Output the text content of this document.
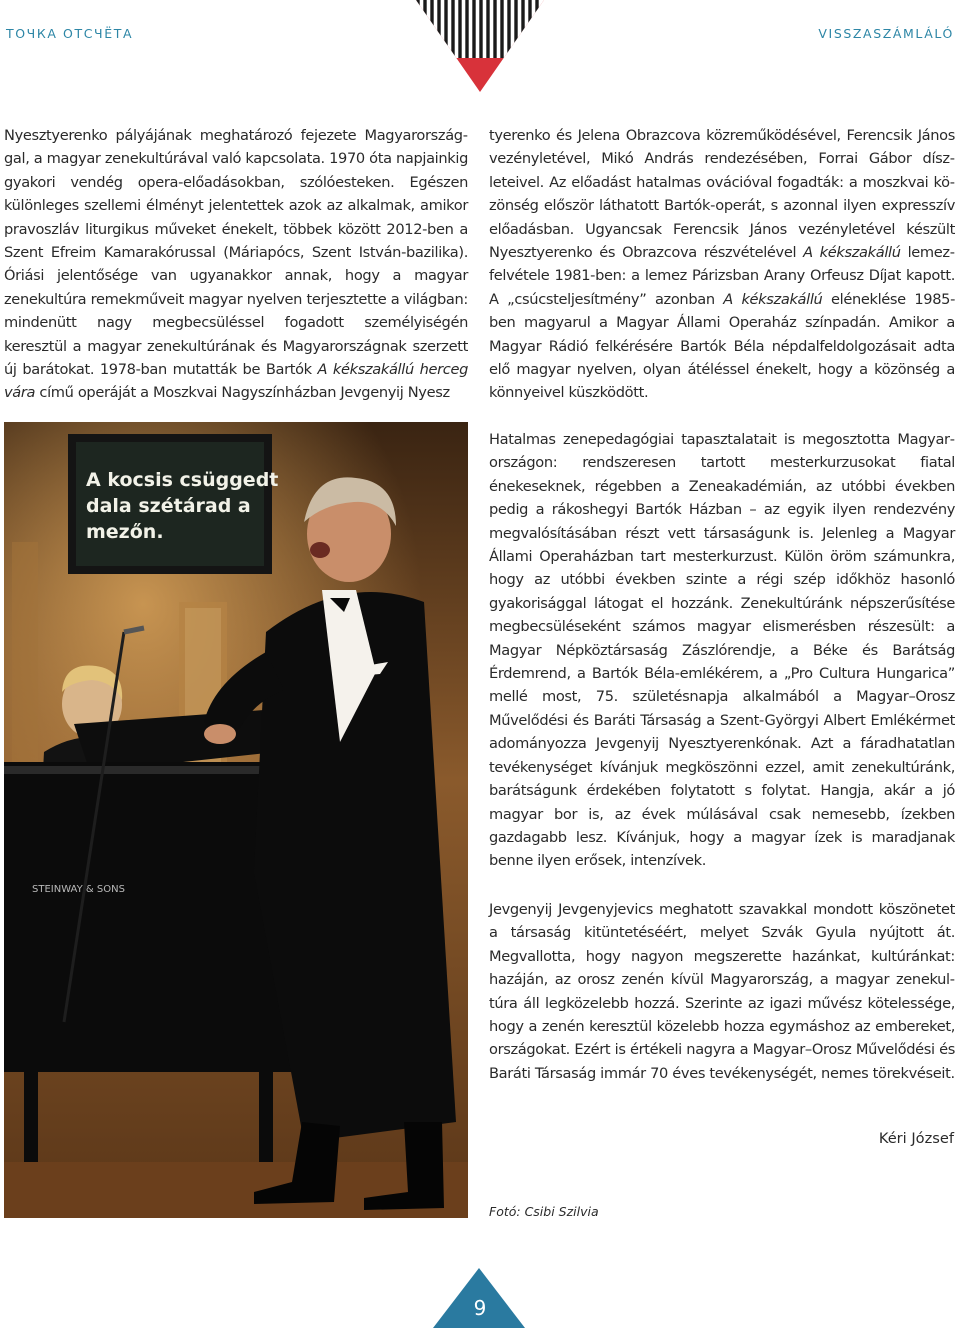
ТОЧКА ОТСЧЁТА	VISSZASZÁMLÁLÓ

Nyesztyerenko pályájának meghatározó fejezete Magyarországgal, a magyar zenekultúrával való kapcsolata. 1970 óta napjainkig gyakori vendég opera-előadásokban, szólóesteken. Egészen különleges szellemi élményt jelentettek azok az alkalmak, amikor pravoszláv liturgikus műveket énekelt, többek között 2012-ben a Szent Efreim Kamarakórussal (Máriapócs, Szent István-bazilika). Óriási jelentősége van ugyanakkor annak, hogy a magyar zenekultúra remekműveit magyar nyelven terjesztette a világban: mindenütt nagy megbecsüléssel fogadott személyiségén keresztül a magyar zenekultúrának és Magyarországnak szerzett új barátokat. 1978-ban mutatták be Bartók A kékszakállú herceg vára című operáját a Moszkvai Nagyszínházban Jevgenyij Nyesz

tyerenko és Jelena Obrazcova közreműködésével, Ferencsik János vezényletével, Mikó András rendezésében, Forrai Gábor díszleteivel. Az előadást hatalmas ovációval fogadták: a moszkvai közönség először láthatott Bartók-operát, s azonnal ilyen expresszív előadásban. Ugyancsak Ferencsik János vezényletével készült Nyesztyerenko és Obrazcova részvételével A kékszakállú lemezfelvétele 1981-ben: a lemez Párizsban Arany Orfeusz Díjat kapott. A „csúcsteljesítmény” azonban A kékszakállú eléneklése 1985-ben magyarul a Magyar Állami Operaház színpadán. Amikor a Magyar Rádió felkérésére Bartók Béla népdalfeldolgozásait adta elő magyar nyelven, olyan átéléssel énekelt, hogy a közönség a könnyeivel küszködött.

Hatalmas zenepedagógiai tapasztalatait is megosztotta Magyarországon: rendszeresen tartott mesterkurzusokat fiatal énekeseknek, régebben a Zeneakadémián, az utóbbi években pedig a rákoshegyi Bartók Házban – az egyik ilyen rendezvény megvalósításában részt vett társaságunk is. Jelenleg a Magyar Állami Operaházban tart mesterkurzust. Külön öröm számunkra, hogy az utóbbi években szinte a régi szép időkhöz hasonló gyakorisággal látogat el hozzánk. Zenekultúránk népszerűsítése megbecsüléseként számos magyar elismerésben részesült: a Magyar Népköztársaság Zászlórendje, a Béke és Barátság Érdemrend, a Bartók Béla-emlékérem, a „Pro Cultura Hungarica” mellé most, 75. születésnapja alkalmából a Magyar–Orosz Művelődési és Baráti Társaság a Szent-Györgyi Albert Emlékérmet adományozza Jevgenyij Nyesztyerenkónak. Azt a fáradhatatlan tevékenységet kívánjuk megköszönni ezzel, amit zenekultúránk, barátságunk érdekében folytatott s folytat. Hangja, akár a jó magyar bor is, az évek múlásával csak nemesebb, ízekben gazdagabb lesz. Kívánjuk, hogy a magyar ízek is maradjanak benne ilyen erősek, intenzívek.

Jevgenyij Jevgenyjevics meghatott szavakkal mondott köszönetet a társaság kitüntetéséért, melyet Szvák Gyula nyújtott át. Megvallotta, hogy nagyon megszerette hazánkat, kultúránkat: hazáján, az orosz zenén kívül Magyarország, a magyar zenekultúra áll legközelebb hozzá. Szerinte az igazi művész kötelessége, hogy a zenén keresztül közelebb hozza egymáshoz az embereket, országokat. Ezért is értékeli nagyra a Magyar–Orosz Művelődési és Baráti Társaság immár 70 éves tevékenységét, nemes törekvéseit.

Kéri József
Fotó: Csibi Szilvia
A kocsis csüggedt
dala szétárad a
mezőn.
STEINWAY & SONS
9
